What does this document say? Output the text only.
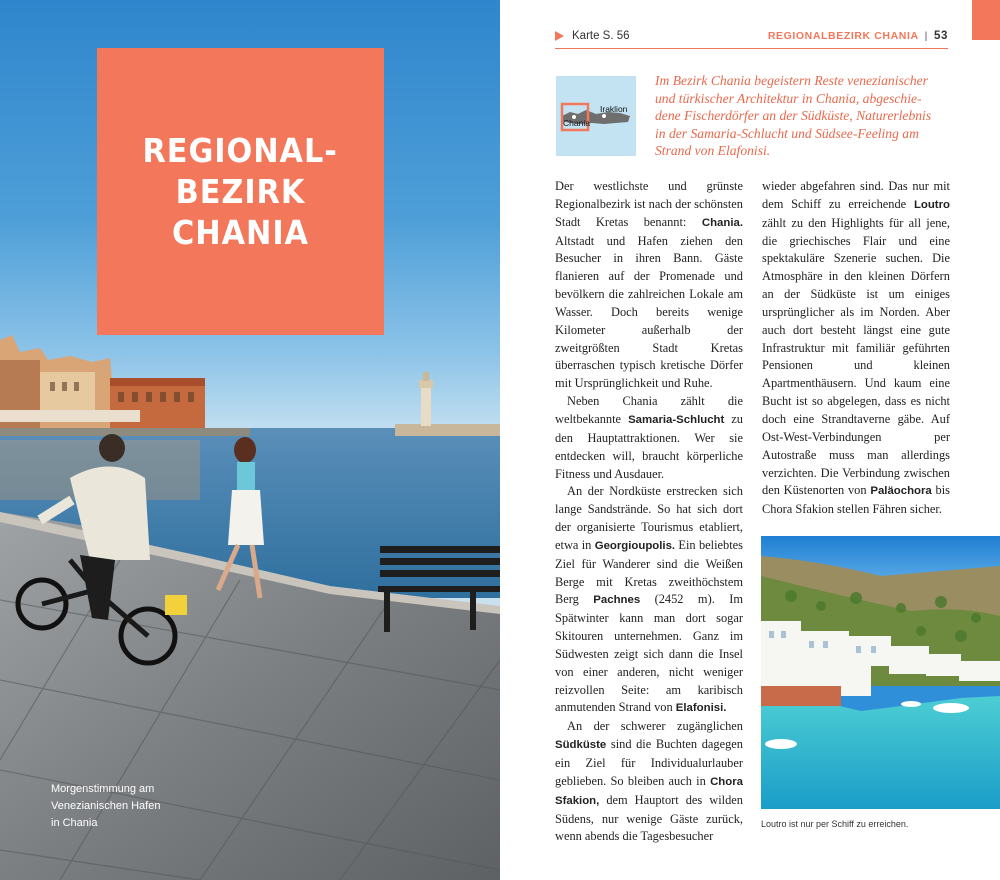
REGIONAL-
BEZIRK CHANIA
Morgenstimmung am
Venezianischen Hafen
in Chania
Karte S. 56	REGIONALBEZIRK CHANIA | 53
Iraklion
Chania
Im Bezirk Chania begeistern Reste venezianischer
und türkischer Architektur in Chania, abgeschie-
dene Fischerdörfer an der Südküste, Naturerlebnis
in der Samaria-Schlucht und Südsee-Feeling am
Strand von Elafonisi.

Der westlichste und grünste Regionalbezirk ist nach der schönsten Stadt Kretas benannt: Chania. Altstadt und Hafen ziehen den Besucher in ihren Bann. Gäste flanieren auf der Promenade und bevölkern die zahlreichen Lokale am Wasser. Doch bereits wenige Kilometer außerhalb der zweitgrößten Stadt Kretas überraschen typisch kretische Dörfer mit Ursprünglichkeit und Ruhe.

Neben Chania zählt die weltbekannte Samaria-Schlucht zu den Hauptattraktionen. Wer sie entdecken will, braucht körperliche Fitness und Ausdauer.

An der Nordküste erstrecken sich lange Sandstrände. So hat sich dort der organisierte Tourismus etabliert, etwa in Georgioupolis. Ein beliebtes Ziel für Wanderer sind die Weißen Berge mit Kretas zweithöchstem Berg Pachnes (2452 m). Im Spätwinter kann man dort sogar Skitouren unternehmen. Ganz im Südwesten zeigt sich dann die Insel von einer anderen, nicht weniger reizvollen Seite: am karibisch anmutenden Strand von Elafonisi.

An der schwerer zugänglichen Südküste sind die Buchten dagegen ein Ziel für Individualurlauber geblieben. So bleiben auch in Chora Sfakion, dem Hauptort des wilden Südens, nur wenige Gäste zurück, wenn abends die Tagesbesucher

wieder abgefahren sind. Das nur mit dem Schiff zu erreichende Loutro zählt zu den Highlights für all jene, die griechisches Flair und eine spektakuläre Szenerie suchen. Die Atmosphäre in den kleinen Dörfern an der Südküste ist um einiges ursprünglicher als im Norden. Aber auch dort besteht längst eine gute Infrastruktur mit familiär geführten Pensionen und kleinen Apartmenthäusern. Und kaum eine Bucht ist so abgelegen, dass es nicht doch eine Strandtaverne gäbe. Auf Ost-West-Verbindungen per Autostraße muss man allerdings verzichten. Die Verbindung zwischen den Küstenorten von Paläochora bis Chora Sfakion stellen Fähren sicher.

Loutro ist nur per Schiff zu erreichen.
